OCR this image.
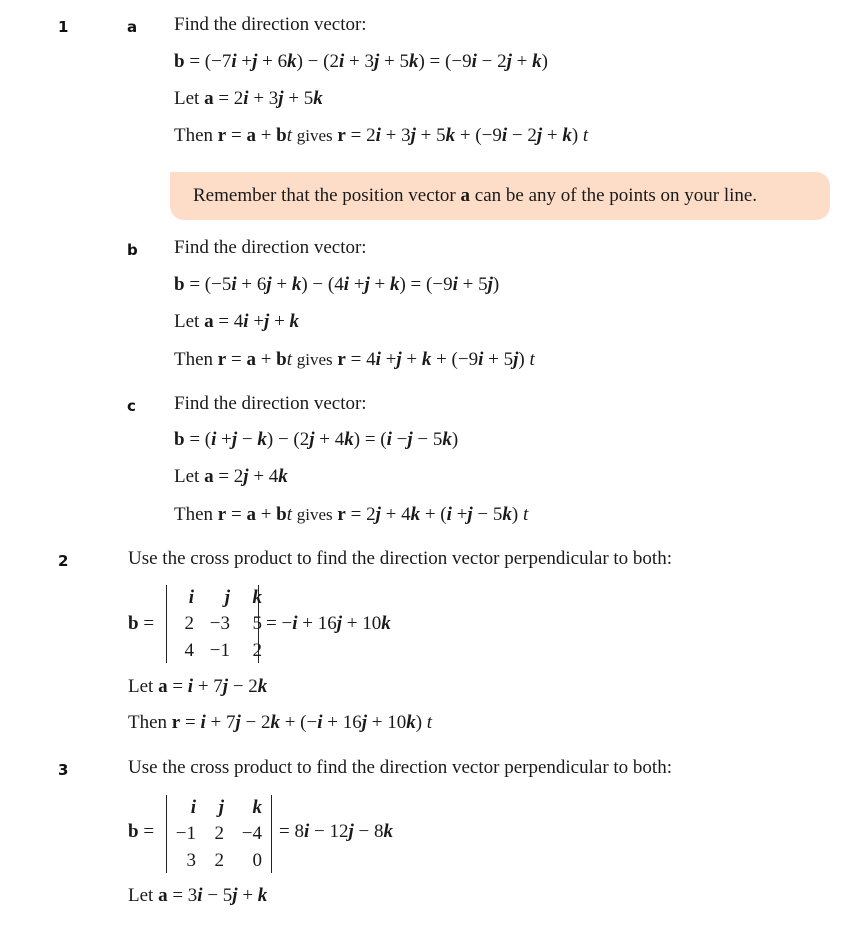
1	a Find the direction vector:
b = (−7i +j + 6k) − (2i + 3j + 5k) = (−9i − 2j + k)
Let a = 2i + 3j + 5k
Then r = a + bt gives r = 2i + 3j + 5k + (−9i − 2j + k) t
Remember that the position vector a can be any of the points on your line.
b Find the direction vector:
b = (−5i + 6j + k) − (4i +j + k) = (−9i + 5j)
Let a = 4i +j + k
Then r = a + bt gives r = 4i +j + k + (−9i + 5j) t
c Find the direction vector:
b = (i +j − k) − (2j + 4k) = (i −j − 5k)
Let a = 2j + 4k
Then r = a + bt gives r = 2j + 4k + (i +j − 5k) t
2	Use the cross product to find the direction vector perpendicular to both:
b =
i	j	k
2 −3	5
4 −1	2
= −i + 16j + 10k
Let a = i + 7j − 2k
Then r = i + 7j − 2k + (−i + 16j + 10k) t
3	Use the cross product to find the direction vector perpendicular to both:
b =
i	j	k
−1 2 −4
3 2	0
= 8i − 12j − 8k
Let a = 3i − 5j + k
